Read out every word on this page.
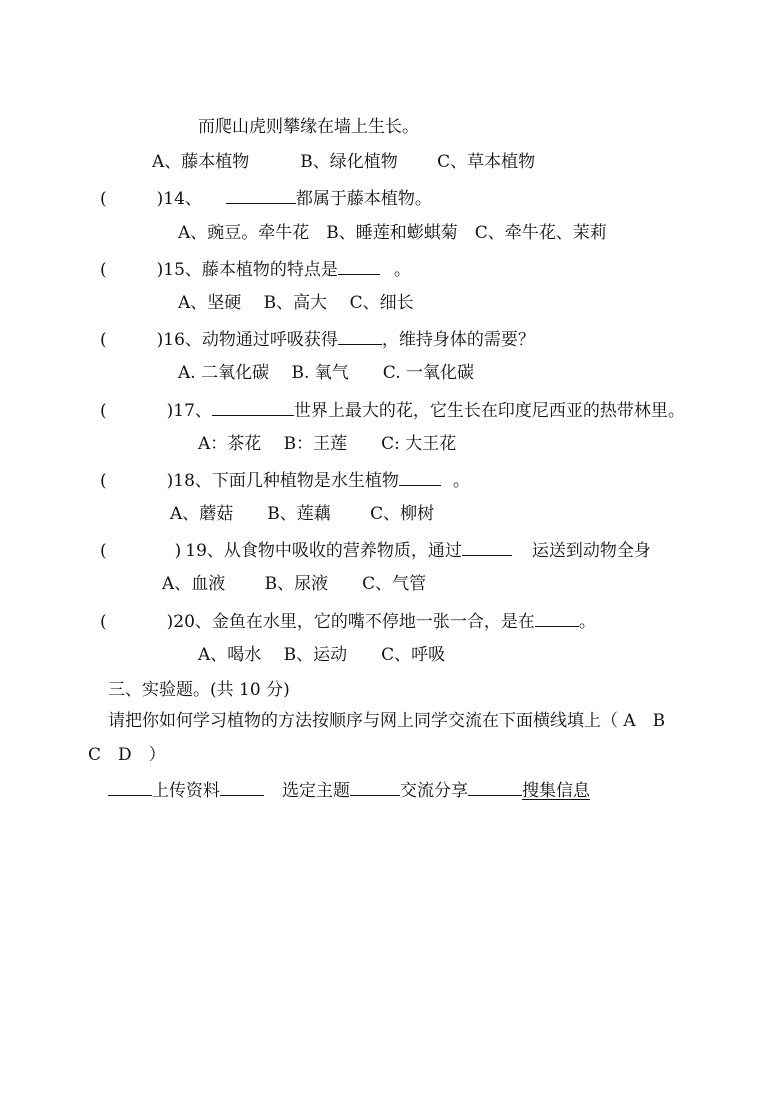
而爬山虎则攀缘在墙上生长。
A、藤本植物　　　B、绿化植物　　 C、草本植物
(	)14、	都属于藤本植物。
A、豌豆。牵牛花　B、睡莲和蟛蜞菊　C、牵牛花、茉莉
(	)15、藤本植物的特点是	。
A、坚硬　 B、高大　 C、细长
(	)16、动物通过呼吸获得	，维持身体的需要？
A. 二氧化碳　 B. 氧气　　C. 一氧化碳
(	)17、	世界上最大的花，它生长在印度尼西亚的热带林里。
A：茶花　 B：王莲　　C: 大王花
(	)18、下面几种植物是水生植物	。
A、蘑菇　　B、莲藕　　 C、柳树
(	) 19、从食物中吸收的营养物质，通过	运送到动物全身
A、血液　　 B、尿液　　C、气管
(	)20、金鱼在水里，它的嘴不停地一张一合，是在	。
A、喝水　 B、运动　　C、呼吸
三、实验题。(共 10 分)
请把你如何学习植物的方法按顺序与网上同学交流在下面横线填上（ A　B
C　D　）
上传资料	选定主题	交流分享	搜集信息
